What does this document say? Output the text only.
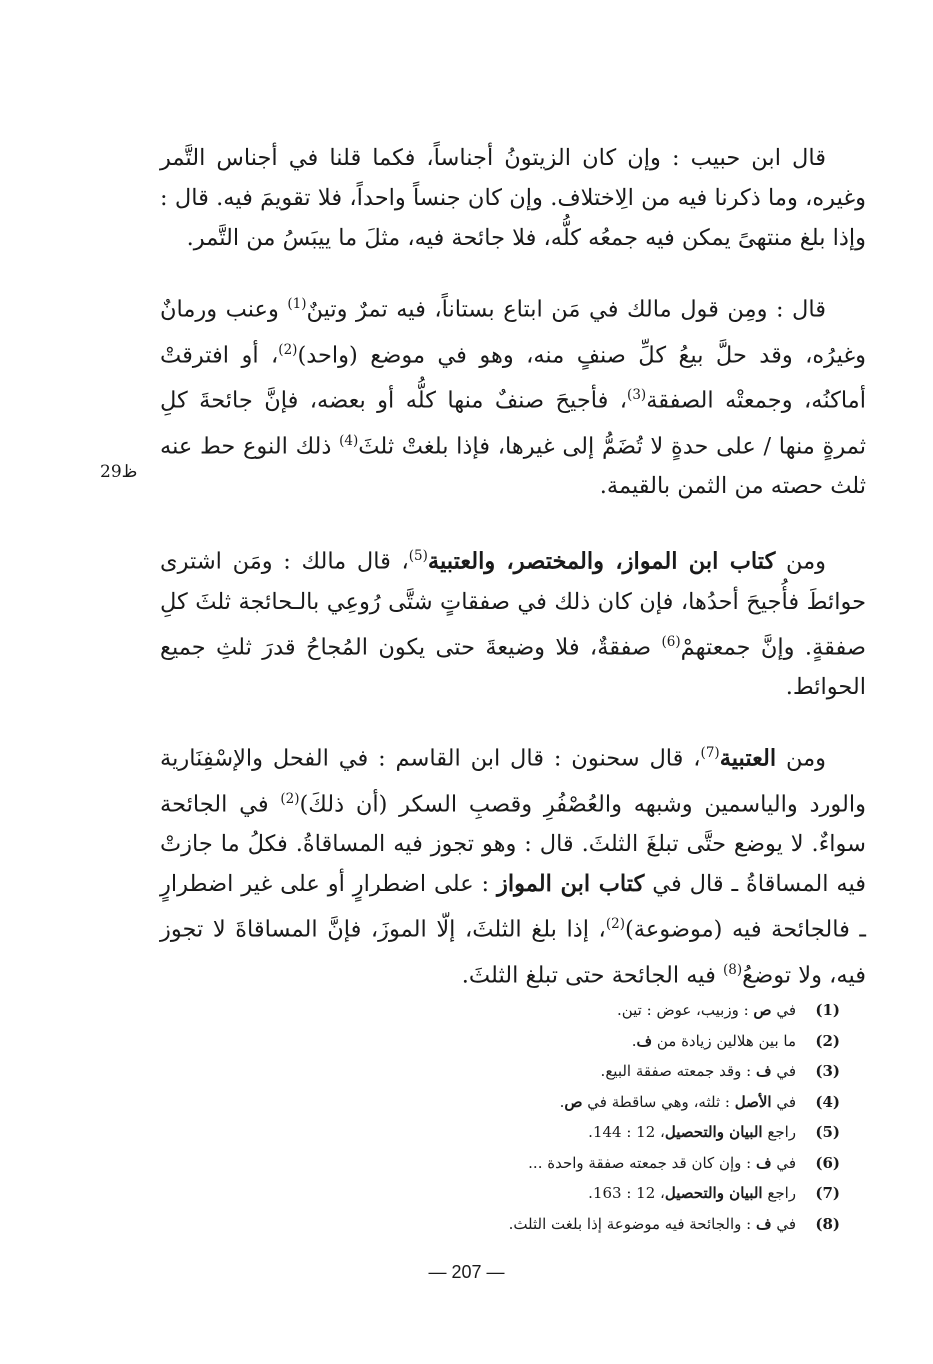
قال ابن حبيب : وإن كان الزيتونُ أجناساً، فكما قلنا في أجناس التَّمر وغيره، وما ذكرنا فيه من الِاختلاف. وإن كان جنساً واحداً، فلا تقويمَ فيه. قال : وإذا بلغ منتهىً يمكن فيه جمعُه كلُّه، فلا جائحة فيه، مثلَ ما ييبَسُ من التَّمر.

قال : ومِن قول مالك في مَن ابتاع بستاناً، فيه تمرٌ وتينٌ$^{(1)}$ وعنب ورمانٌ وغيرُه، وقد حلَّ بيعُ كلِّ صنفٍ منه، وهو في موضع (واحد)$^{(2)}$، أو افترقتْ أماكنُه، وجمعتْه الصفقة$^{(3)}$، فأجيحَ صنفٌ منها كلُّه أو بعضه، فإنَّ جائحةَ كلِ ثمرةٍ منها / على حدةٍ لا تُضَمُّ إلى غيرها، فإذا بلغتْ ثلثَ$^{(4)}$ ذلك النوع حط عنه ثلث حصته من الثمن بالقيمة.

ومن كتاب ابن المواز، والمختصر، والعتبية$^{(5)}$، قال مالك : ومَن اشترى حوائطَ فأُجيحَ أحدُها، فإن كان ذلك في صفقاتٍ شتَّى رُوعِي بالـحائجة ثلثَ كلِ صفقةٍ. وإنَّ جمعتهمْ$^{(6)}$ صفقةٌ، فلا وضيعةَ حتى يكون المُجاحُ قدرَ ثلثِ جميع الحوائط.

ومن العتبية$^{(7)}$، قال سحنون : قال ابن القاسم : في الفحل والإسْفِنَارية والورد والياسمين وشبهه والعُصْفُرِ وقصبِ السكر (أن ذلكَ)$^{(2)}$ في الجائحة سواءٌ. لا يوضع حتَّى تبلغَ الثلثَ. قال : وهو تجوز فيه المساقاةُ. فكلُ ما جازتْ فيه المساقاةُ ـ قال في كتاب ابن المواز : على اضطرارٍ أو على غير اضطرارٍ ـ فالجائحة فيه (موضوعة)$^{(2)}$، إذا بلغ الثلثَ، إلّا الموزَ، فإنَّ المساقاةَ لا تجوز فيه، ولا توضعُ$^{(8)}$ فيه الجائحة حتى تبلغ الثلثَ.

29ظ
(1)
في ص : وزبيب، عوض : تين.
(2)
ما بين هلالين زيادة من ف.
(3)
في ف : وقد جمعته صفقة البيع.
(4)
في الأصل : ثلثه، وهي ساقطة في ص.
(5)
راجع البيان والتحصيل، 12 : 144.
(6)
في ف : وإن كان قد جمعته صفقة واحدة ...
(7)
راجع البيان والتحصيل، 12 : 163.
(8)
في ف : والجائحة فيه موضوعة إذا بلغت الثلث.
— 207 —
